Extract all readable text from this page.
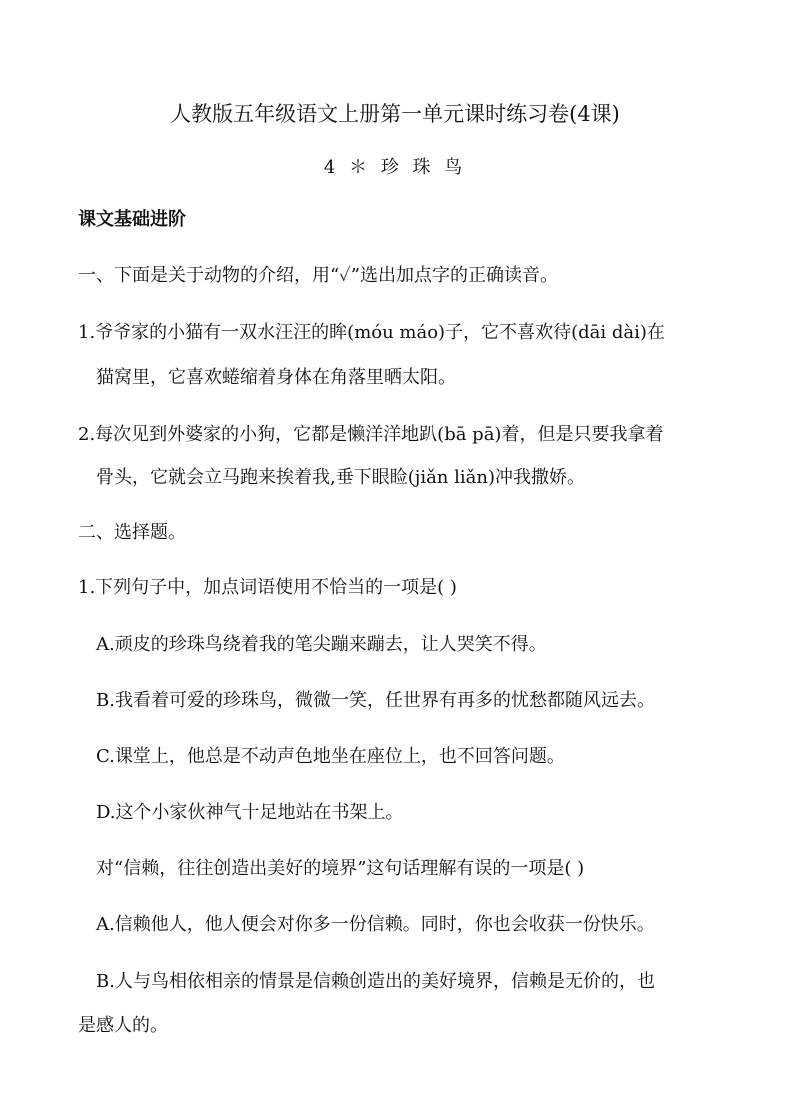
人教版五年级语文上册第一单元课时练习卷(4课)
4 ＊ 珍 珠 鸟
课文基础进阶
一、下面是关于动物的介绍，用“✓”选出加点字的正确读音。
1.爷爷家的小猫有一双水汪汪的眸(móu máo)子，它不喜欢待(dāi dài)在
猫窝里，它喜欢蜷缩着身体在角落里晒太阳。
2.每次见到外婆家的小狗，它都是懒洋洋地趴(bā pā)着，但是只要我拿着
骨头，它就会立马跑来挨着我,垂下眼睑(jiǎn liǎn)冲我撒娇。
二、选择题。
1.下列句子中，加点词语使用不恰当的一项是( )
A.顽皮的珍珠鸟绕着我的笔尖蹦来蹦去，让人哭笑不得。
B.我看着可爱的珍珠鸟，微微一笑，任世界有再多的忧愁都随风远去。
C.课堂上，他总是不动声色地坐在座位上，也不回答问题。
D.这个小家伙神气十足地站在书架上。
对“信赖，往往创造出美好的境界”这句话理解有误的一项是( )
A.信赖他人，他人便会对你多一份信赖。同时，你也会收获一份快乐。
B.人与鸟相依相亲的情景是信赖创造出的美好境界，信赖是无价的，也
是感人的。
